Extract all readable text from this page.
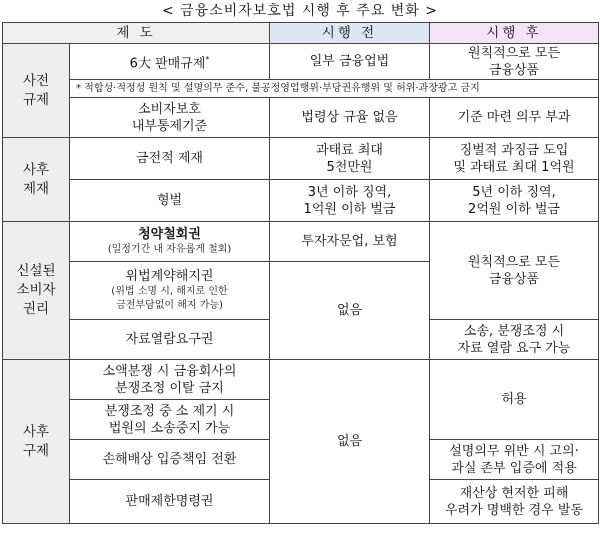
< 금융소비자보호법 시행 후 주요 변화 >
제 도		시행 전	시행 후

사전
규제	6大 판매규제*	일부 금융업법	원칙적으로 모든
금융상품

	* 적합성·적정성 원칙 및 설명의무 준수, 불공정영업행위·부당권유행위 및 허위·과장광고 금지		

	소비자보호
내부통제기준	법령상 규율 없음	기준 마련 의무 부과

사후
제재	금전적 제재	과태료 최대
5천만원	징벌적 과징금 도입
및 과태료 최대 1억원

	형벌	3년 이하 징역,
1억원 이하 벌금	5년 이하 징역,
2억원 이하 벌금

신설된
소비자
권리	청약철회권
(일정기간 내 자유롭게 철회)	투자자문업, 보험	원칙적으로 모든
금융상품

	위법계약해지권
(위법 소명 시, 해지로 인한
금전부담없이 해지 가능)	없음	
	자료열람요구권		소송, 분쟁조정 시
자료 열람 요구 가능

사후
구제	소액분쟁 시 금융회사의
분쟁조정 이탈 금지	없음	허용

	분쟁조정 중 소 제기 시
법원의 소송중지 가능		

	손해배상 입증책임 전환		설명의무 위반 시 고의·
과실 존부 입증에 적용

	판매제한명령권		재산상 현저한 피해
우려가 명백한 경우 발동
